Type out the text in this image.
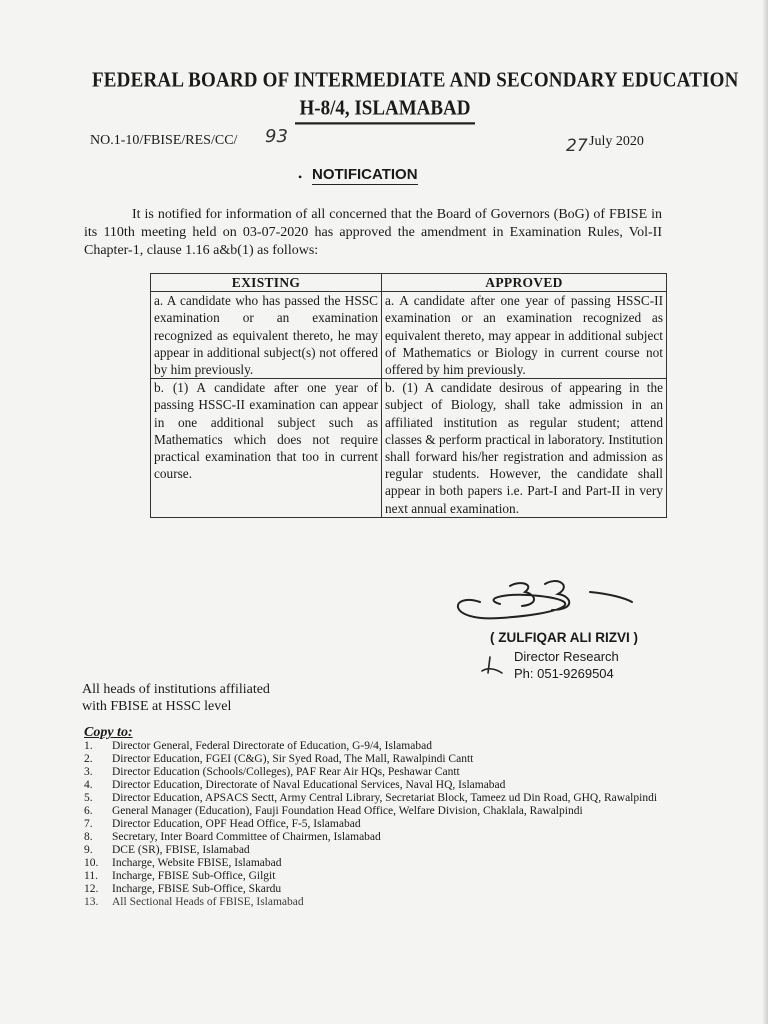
FEDERAL BOARD OF INTERMEDIATE AND SECONDARY EDUCATION
H-8/4, ISLAMABAD
NO.1-10/FBISE/RES/CC/ 93	27 July 2020
• NOTIFICATION
It is notified for information of all concerned that the Board of Governors (BoG) of FBISE in its 110th meeting held on 03-07-2020 has approved the amendment in Examination Rules, Vol-II Chapter-1, clause 1.16 a&b(1) as follows:
EXISTING	APPROVED
a. A candidate who has passed the HSSC examination or an examination recognized as equivalent thereto, he may appear in additional subject(s) not offered by him previously.	a. A candidate after one year of passing HSSC-II examination or an examination recognized as equivalent thereto, may appear in additional subject of Mathematics or Biology in current course not offered by him previously.
b. (1) A candidate after one year of passing HSSC-II examination can appear in one additional subject such as Mathematics which does not require practical examination that too in current course.	b. (1) A candidate desirous of appearing in the subject of Biology, shall take admission in an affiliated institution as regular student; attend classes & perform practical in laboratory. Institution shall forward his/her registration and admission as regular students. However, the candidate shall appear in both papers i.e. Part-I and Part-II in very next annual examination.
( ZULFIQAR ALI RIZVI )
Director Research
Ph: 051-9269504
All heads of institutions affiliated
with FBISE at HSSC level
Copy to:
1.	Director General, Federal Directorate of Education, G-9/4, Islamabad
2.	Director Education, FGEI (C&G), Sir Syed Road, The Mall, Rawalpindi Cantt
3.	Director Education (Schools/Colleges), PAF Rear Air HQs, Peshawar Cantt
4.	Director Education, Directorate of Naval Educational Services, Naval HQ, Islamabad
5.	Director Education, APSACS Sectt, Army Central Library, Secretariat Block, Tameez ud Din Road, GHQ, Rawalpindi
6.	General Manager (Education), Fauji Foundation Head Office, Welfare Division, Chaklala, Rawalpindi
7.	Director Education, OPF Head Office, F-5, Islamabad
8.	Secretary, Inter Board Committee of Chairmen, Islamabad
9.	DCE (SR), FBISE, Islamabad
10.	Incharge, Website FBISE, Islamabad
11.	Incharge, FBISE Sub-Office, Gilgit
12.	Incharge, FBISE Sub-Office, Skardu
13.	All Sectional Heads of FBISE, Islamabad
